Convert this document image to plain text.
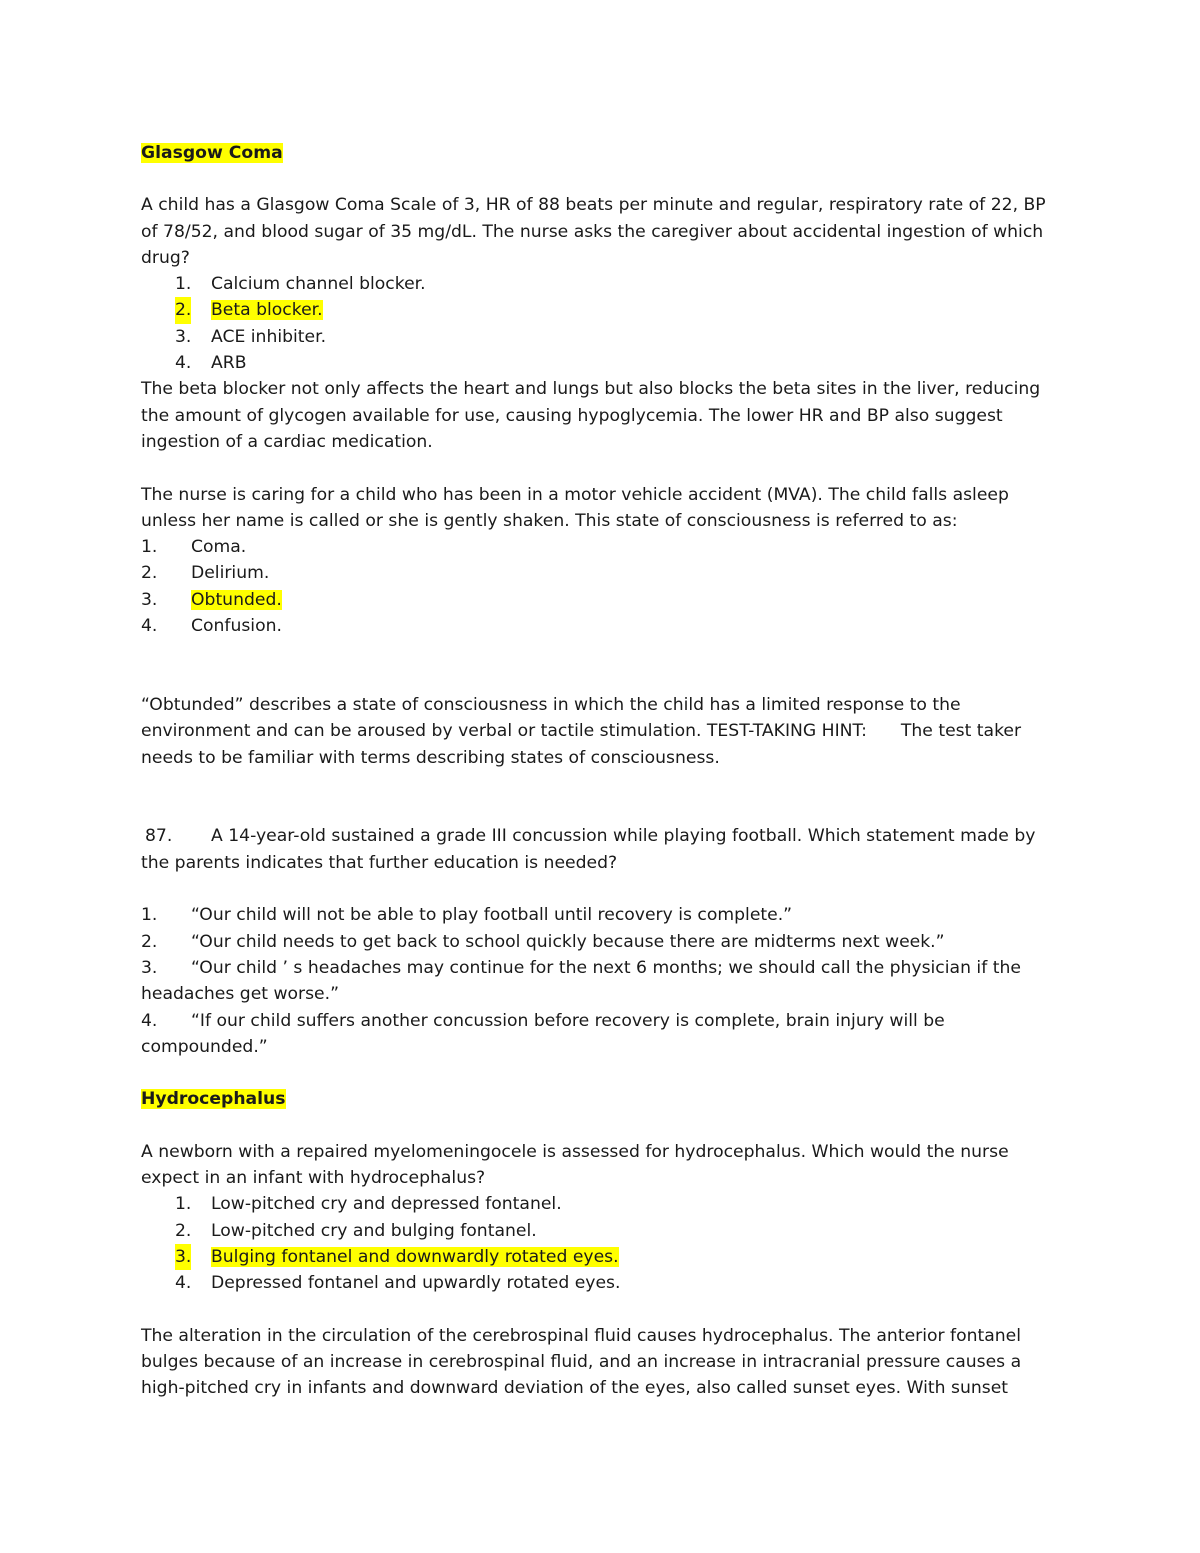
Glasgow Coma

A child has a Glasgow Coma Scale of 3, HR of 88 beats per minute and regular, respiratory rate of 22, BP of 78/52, and blood sugar of 35 mg/dL. The nurse asks the caregiver about accidental ingestion of which drug?

1. Calcium channel blocker.
2. Beta blocker.
3. ACE inhibiter.
4. ARB

The beta blocker not only affects the heart and lungs but also blocks the beta sites in the liver, reducing the amount of glycogen available for use, causing hypoglycemia. The lower HR and BP also suggest ingestion of a cardiac medication.

The nurse is caring for a child who has been in a motor vehicle accident (MVA). The child falls asleep unless her name is called or she is gently shaken. This state of consciousness is referred to as:

1. Coma.
2. Delirium.
3. Obtunded.
4. Confusion.

“Obtunded” describes a state of consciousness in which the child has a limited response to the environment and can be aroused by verbal or tactile stimulation. TEST-TAKING HINT: The test taker needs to be familiar with terms describing states of consciousness.

87. A 14-year-old sustained a grade III concussion while playing football. Which statement made by the parents indicates that further education is needed?

1. “Our child will not be able to play football until recovery is complete.”
2. “Our child needs to get back to school quickly because there are midterms next week.”
3. “Our child ’ s headaches may continue for the next 6 months; we should call the physician if the headaches get worse.”
4. “If our child suffers another concussion before recovery is complete, brain injury will be compounded.”
Hydrocephalus

A newborn with a repaired myelomeningocele is assessed for hydrocephalus. Which would the nurse expect in an infant with hydrocephalus?

1. Low-pitched cry and depressed fontanel.
2. Low-pitched cry and bulging fontanel.
3. Bulging fontanel and downwardly rotated eyes.
4. Depressed fontanel and upwardly rotated eyes.

The alteration in the circulation of the cerebrospinal fluid causes hydrocephalus. The anterior fontanel bulges because of an increase in cerebrospinal fluid, and an increase in intracranial pressure causes a high-pitched cry in infants and downward deviation of the eyes, also called sunset eyes. With sunset
